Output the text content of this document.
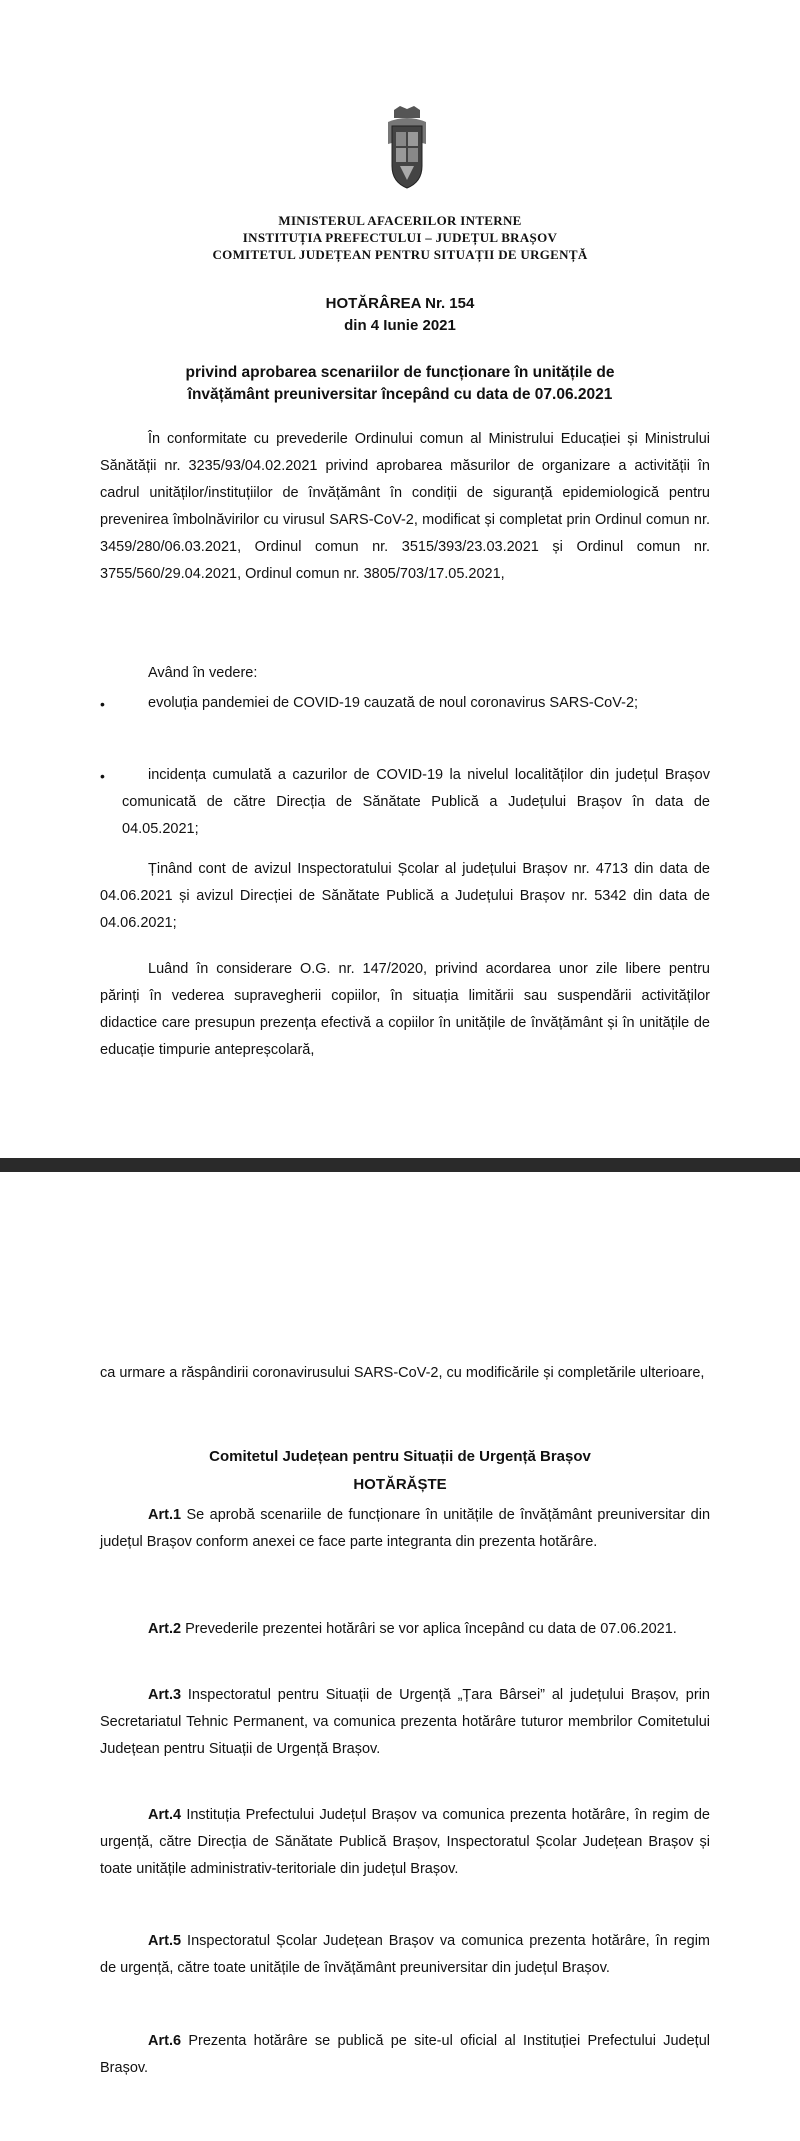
MINISTERUL AFACERILOR INTERNE
INSTITUȚIA PREFECTULUI – JUDEȚUL BRAȘOV
COMITETUL JUDEȚEAN PENTRU SITUAȚII DE URGENȚĂ
HOTĂRÂREA Nr. 154
din 4 Iunie 2021
privind aprobarea scenariilor de funcționare în unitățile de
învățământ preuniversitar începând cu data de 07.06.2021

În conformitate cu prevederile Ordinului comun al Ministrului Educației și Ministrului Sănătății nr. 3235/93/04.02.2021 privind aprobarea măsurilor de organizare a activității în cadrul unităților/instituțiilor de învățământ în condiții de siguranță epidemiologică pentru prevenirea îmbolnăvirilor cu virusul SARS-CoV-2, modificat și completat prin Ordinul comun nr. 3459/280/06.03.2021, Ordinul comun nr. 3515/393/23.03.2021 și Ordinul comun nr. 3755/560/29.04.2021, Ordinul comun nr. 3805/703/17.05.2021,

Având în vedere:

•	evoluția pandemiei de COVID-19 cauzată de noul coronavirus SARS-CoV-2;

•	incidența cumulată a cazurilor de COVID-19 la nivelul localităților din județul Brașov comunicată de către Direcția de Sănătate Publică a Județului Brașov în data de 04.05.2021;

Ținând cont de avizul Inspectoratului Școlar al județului Brașov nr. 4713 din data de 04.06.2021 și avizul Direcției de Sănătate Publică a Județului Brașov nr. 5342 din data de 04.06.2021;

Luând în considerare O.G. nr. 147/2020, privind acordarea unor zile libere pentru părinți în vederea supravegherii copiilor, în situația limitării sau suspendării activităților didactice care presupun prezența efectivă a copiilor în unitățile de învățământ și în unitățile de educație timpurie antepreșcolară,

ca urmare a răspândirii coronavirusului SARS-CoV-2, cu modificările și completările ulterioare,

Comitetul Județean pentru Situații de Urgență Brașov
HOTĂRĂȘTE

Art.1 Se aprobă scenariile de funcționare în unitățile de învățământ preuniversitar din județul Brașov conform anexei ce face parte integranta din prezenta hotărâre.

Art.2 Prevederile prezentei hotărâri se vor aplica începând cu data de 07.06.2021.

Art.3 Inspectoratul pentru Situații de Urgență „Țara Bârsei” al județului Brașov, prin Secretariatul Tehnic Permanent, va comunica prezenta hotărâre tuturor membrilor Comitetului Județean pentru Situații de Urgență Brașov.

Art.4 Instituția Prefectului Județul Brașov va comunica prezenta hotărâre, în regim de urgență, către Direcția de Sănătate Publică Brașov, Inspectoratul Școlar Județean Brașov și toate unitățile administrativ-teritoriale din județul Brașov.

Art.5 Inspectoratul Școlar Județean Brașov va comunica prezenta hotărâre, în regim de urgență, către toate unitățile de învățământ preuniversitar din județul Brașov.

Art.6 Prezenta hotărâre se publică pe site-ul oficial al Instituției Prefectului Județul Brașov.
